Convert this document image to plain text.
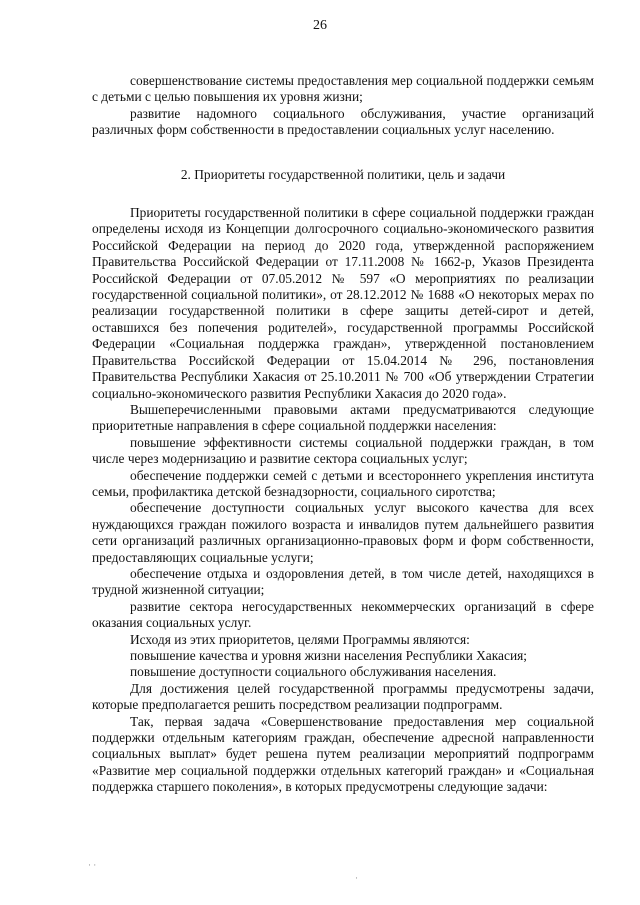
26

совершенствование системы предоставления мер социальной поддержки семьям с детьми с целью повышения их уровня жизни;

развитие надомного социального обслуживания, участие организаций различных форм собственности в предоставлении социальных услуг населению.

2. Приоритеты государственной политики, цель и задачи

Приоритеты государственной политики в сфере социальной поддержки граждан определены исходя из Концепции долгосрочного социально-экономического развития Российской Федерации на период до 2020 года, утвержденной распоряжением Правительства Российской Федерации от 17.11.2008 № 1662-р, Указов Президента Российской Федерации от 07.05.2012 № 597 «О мероприятиях по реализации государственной социальной политики», от 28.12.2012 № 1688 «О некоторых мерах по реализации государственной политики в сфере защиты детей-сирот и детей, оставшихся без попечения родителей», государственной программы Российской Федерации «Социальная поддержка граждан», утвержденной постановлением Правительства Российской Федерации от 15.04.2014 № 296, постановления Правительства Республики Хакасия от 25.10.2011 № 700 «Об утверждении Стратегии социально-экономического развития Республики Хакасия до 2020 года».

Вышеперечисленными правовыми актами предусматриваются следующие приоритетные направления в сфере социальной поддержки населения:

повышение эффективности системы социальной поддержки граждан, в том числе через модернизацию и развитие сектора социальных услуг;

обеспечение поддержки семей с детьми и всестороннего укрепления института семьи, профилактика детской безнадзорности, социального сиротства;

обеспечение доступности социальных услуг высокого качества для всех нуждающихся граждан пожилого возраста и инвалидов путем дальнейшего развития сети организаций различных организационно-правовых форм и форм собственности, предоставляющих социальные услуги;

обеспечение отдыха и оздоровления детей, в том числе детей, находящихся в трудной жизненной ситуации;

развитие сектора негосударственных некоммерческих организаций в сфере оказания социальных услуг.

Исходя из этих приоритетов, целями Программы являются:

повышение качества и уровня жизни населения Республики Хакасия;

повышение доступности социального обслуживания населения.

Для достижения целей государственной программы предусмотрены задачи, которые предполагается решить посредством реализации подпрограмм.

Так, первая задача «Совершенствование предоставления мер социальной поддержки отдельным категориям граждан, обеспечение адресной направленности социальных выплат» будет решена путем реализации мероприятий подпрограмм «Развитие мер социальной поддержки отдельных категорий граждан» и «Социальная поддержка старшего поколения», в которых предусмотрены следующие задачи:

· ·
·
